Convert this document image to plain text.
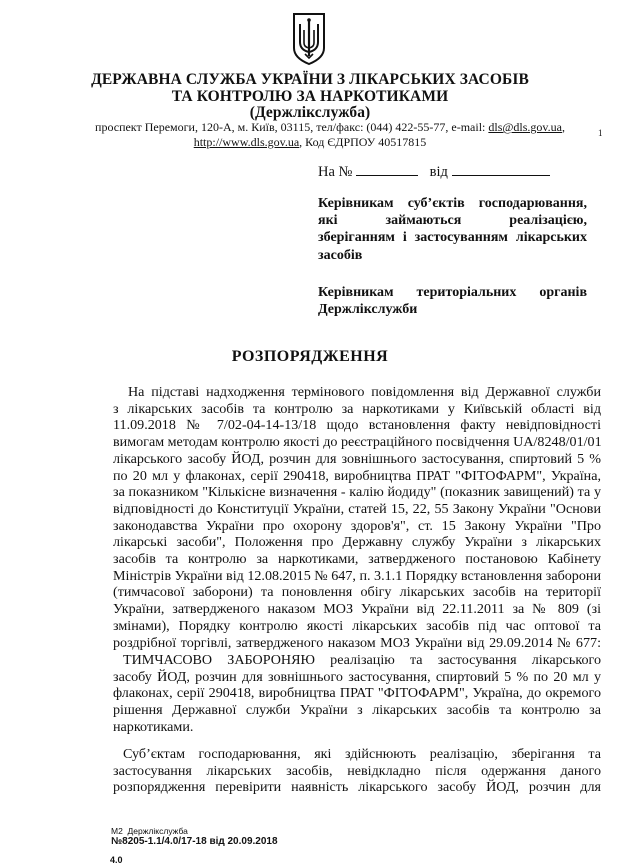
ДЕРЖАВНА СЛУЖБА УКРАЇНИ З ЛІКАРСЬКИХ ЗАСОБІВ
ТА КОНТРОЛЮ ЗА НАРКОТИКАМИ
(Держлікслужба)
проспект Перемоги, 120-А, м. Київ, 03115, тел/факс: (044) 422-55-77, e-mail: dls@dls.gov.ua,
http://www.dls.gov.ua, Код ЄДРПОУ 40517815
1
На №	від
Керівникам суб’єктів господарювання,
які займаються реалізацією,
зберіганням і застосуванням лікарських
засобів
Керівникам територіальних органів
Держлікслужби
РОЗПОРЯДЖЕННЯ
На підставі надходження термінового повідомлення від Державної служби
з лікарських засобів та контролю за наркотиками у Київській області від
11.09.2018 № 7/02-04-14-13/18 щодо встановлення факту невідповідності
вимогам методам контролю якості до реєстраційного посвідчення UA/8248/01/01
лікарського засобу ЙОД, розчин для зовнішнього застосування, спиртовий 5 %
по 20 мл у флаконах, серії 290418, виробництва ПРАТ "ФІТОФАРМ", Україна,
за показником "Кількісне визначення - калію йодиду" (показник завищений) та у
відповідності до Конституції України, статей 15, 22, 55 Закону України "Основи
законодавства України про охорону здоров'я", ст. 15 Закону України "Про
лікарські засоби", Положення про Державну службу України з лікарських
засобів та контролю за наркотиками, затвердженого постановою Кабінету
Міністрів України від 12.08.2015 № 647, п. 3.1.1 Порядку встановлення заборони
(тимчасової заборони) та поновлення обігу лікарських засобів на території
України, затвердженого наказом МОЗ України від 22.11.2011 за № 809 (зі
змінами), Порядку контролю якості лікарських засобів під час оптової та
роздрібної торгівлі, затвердженого наказом МОЗ України від 29.09.2014 № 677:
ТИМЧАСОВО ЗАБОРОНЯЮ реалізацію та застосування лікарського
засобу ЙОД, розчин для зовнішнього застосування, спиртовий 5 % по 20 мл у
флаконах, серії 290418, виробництва ПРАТ "ФІТОФАРМ", Україна, до окремого
рішення Державної служби України з лікарських засобів та контролю за
наркотиками.
Суб’єктам господарювання, які здійснюють реалізацію, зберігання та
застосування лікарських засобів, невідкладно після одержання даного
розпорядження перевірити наявність лікарського засобу ЙОД, розчин для
М2 Держлікслужба
№8205-1.1/4.0/17-18 від 20.09.2018
4.0
